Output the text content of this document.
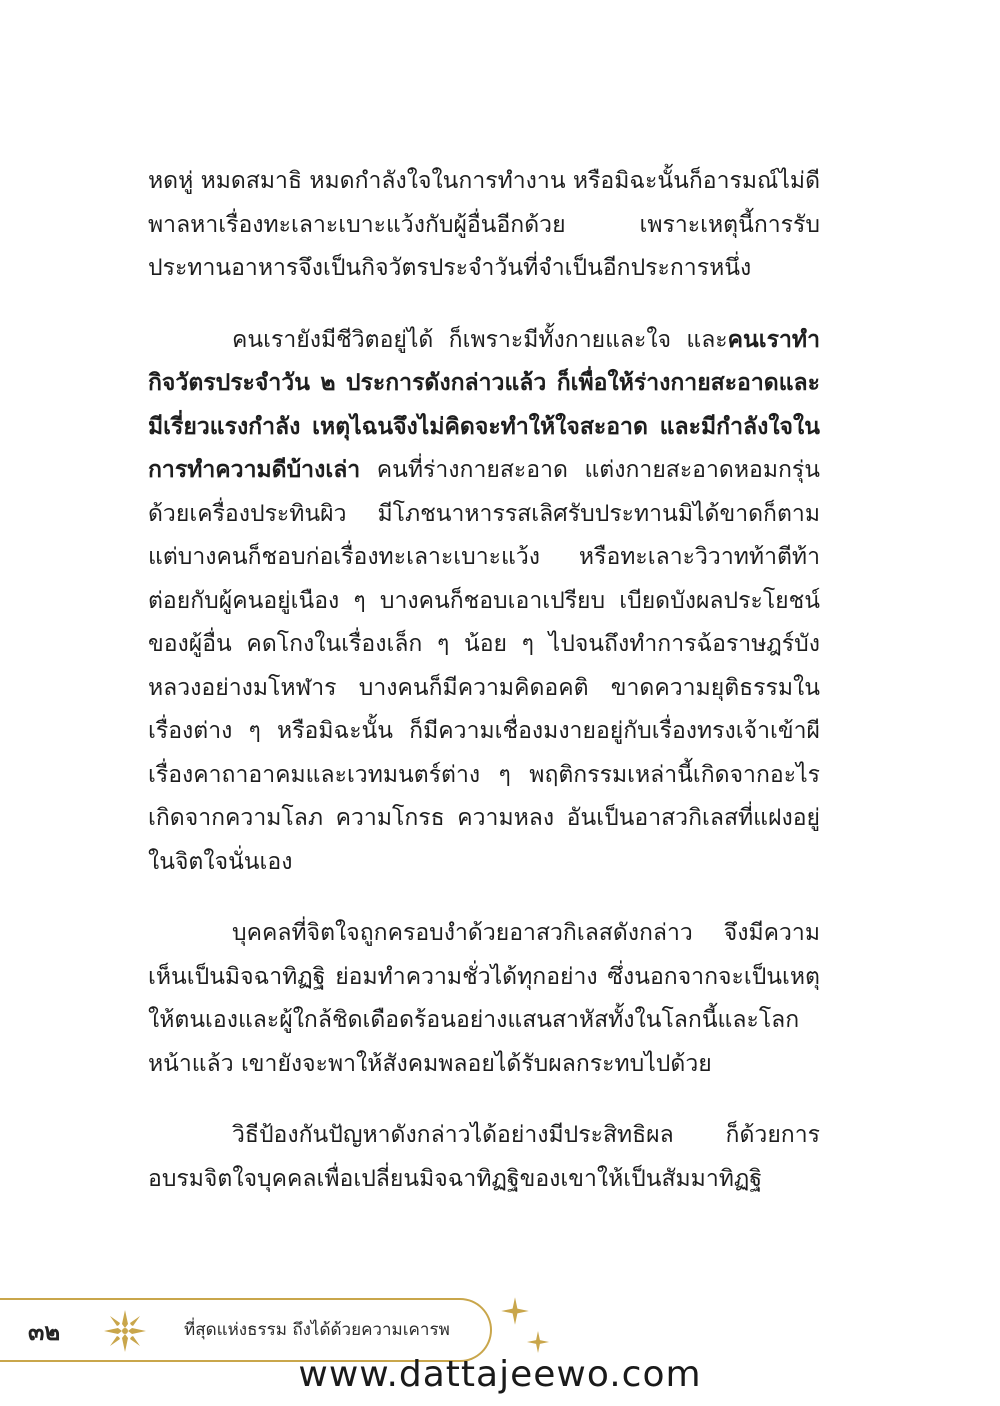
หดหู่ หมดสมาธิ หมดกำลังใจในการทำงาน หรือมิฉะนั้นก็อารมณ์ไม่ดี พาลหาเรื่องทะเลาะเบาะแว้งกับผู้อื่นอีกด้วย เพราะเหตุนี้การรับประทานอาหารจึงเป็นกิจวัตรประจำวันที่จำเป็นอีกประการหนึ่ง

คนเรายังมีชีวิตอยู่ได้ ก็เพราะมีทั้งกายและใจ และคนเราทำกิจวัตรประจำวัน ๒ ประการดังกล่าวแล้ว ก็เพื่อให้ร่างกายสะอาดและมีเรี่ยวแรงกำลัง เหตุไฉนจึงไม่คิดจะทำให้ใจสะอาด และมีกำลังใจในการทำความดีบ้างเล่า คนที่ร่างกายสะอาด แต่งกายสะอาดหอมกรุ่นด้วยเครื่องประทินผิว มีโภชนาหารรสเลิศรับประทานมิได้ขาดก็ตาม แต่บางคนก็ชอบก่อเรื่องทะเลาะเบาะแว้ง หรือทะเลาะวิวาทท้าตีท้าต่อยกับผู้คนอยู่เนือง ๆ บางคนก็ชอบเอาเปรียบ เบียดบังผลประโยชน์ของผู้อื่น คดโกงในเรื่องเล็ก ๆ น้อย ๆ ไปจนถึงทำการฉ้อราษฎร์บังหลวงอย่างมโหฬาร บางคนก็มีความคิดอคติ ขาดความยุติธรรมในเรื่องต่าง ๆ หรือมิฉะนั้น ก็มีความเชื่องมงายอยู่กับเรื่องทรงเจ้าเข้าผี เรื่องคาถาอาคมและเวทมนตร์ต่าง ๆ พฤติกรรมเหล่านี้เกิดจากอะไร เกิดจากความโลภ ความโกรธ ความหลง อันเป็นอาสวกิเลสที่แฝงอยู่ในจิตใจนั่นเอง

บุคคลที่จิตใจถูกครอบงำด้วยอาสวกิเลสดังกล่าว จึงมีความเห็นเป็นมิจฉาทิฏฐิ ย่อมทำความชั่วได้ทุกอย่าง ซึ่งนอกจากจะเป็นเหตุให้ตนเองและผู้ใกล้ชิดเดือดร้อนอย่างแสนสาหัสทั้งในโลกนี้และโลกหน้าแล้ว เขายังจะพาให้สังคมพลอยได้รับผลกระทบไปด้วย

วิธีป้องกันปัญหาดังกล่าวได้อย่างมีประสิทธิผล ก็ด้วยการอบรมจิตใจบุคคลเพื่อเปลี่ยนมิจฉาทิฏฐิของเขาให้เป็นสัมมาทิฏฐิ

๓๒	ที่สุดแห่งธรรม ถึงได้ด้วยความเคารพ
www.dattajeewo.com
